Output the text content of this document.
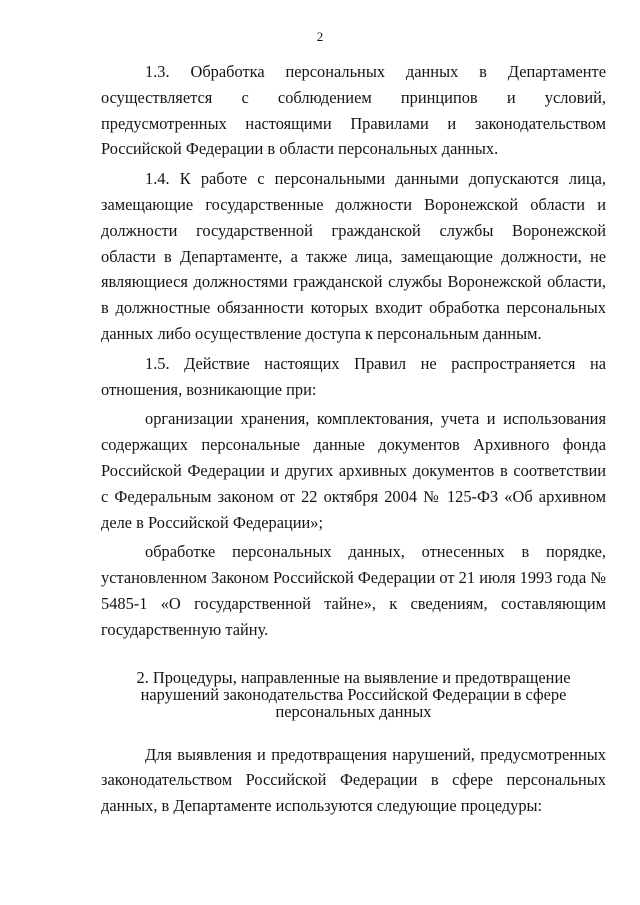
2

1.3. Обработка персональных данных в Департаменте осуществляется с соблюдением принципов и условий, предусмотренных настоящими Правилами и законодательством Российской Федерации в области персональных данных.

1.4. К работе с персональными данными допускаются лица, замещающие государственные должности Воронежской области и должности государственной гражданской службы Воронежской области в Департаменте, а также лица, замещающие должности, не являющиеся должностями гражданской службы Воронежской области, в должностные обязанности которых входит обработка персональных данных либо осуществление доступа к персональным данным.

1.5. Действие настоящих Правил не распространяется на отношения, возникающие при:

организации хранения, комплектования, учета и использования содержащих персональные данные документов Архивного фонда Российской Федерации и других архивных документов в соответствии с Федеральным законом от 22 октября 2004 № 125-ФЗ «Об архивном деле в Российской Федерации»;

обработке персональных данных, отнесенных в порядке, установленном Законом Российской Федерации от 21 июля 1993 года № 5485-1 «О государственной тайне», к сведениям, составляющим государственную тайну.

2. Процедуры, направленные на выявление и предотвращение

нарушений законодательства Российской Федерации в сфере

персональных данных

Для выявления и предотвращения нарушений, предусмотренных законодательством Российской Федерации в сфере персональных данных, в Департаменте используются следующие процедуры:
